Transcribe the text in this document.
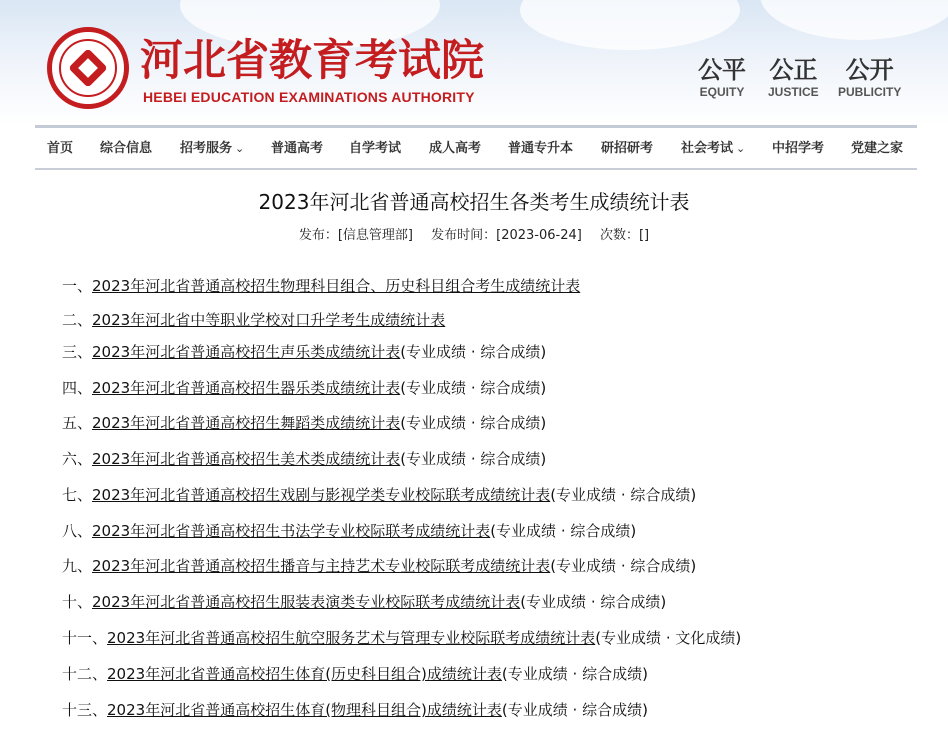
河北省教育考试院
HEBEI EDUCATION EXAMINATIONS AUTHORITY
公平
EQUITY
公正
JUSTICE
公开
PUBLICITY
首页 综合信息 招考服务 ⌄ 普通高考 自学考试 成人高考 普通专升本 研招研考 社会考试 ⌄ 中招学考 党建之家
2023年河北省普通高校招生各类考生成绩统计表
发布：[信息管理部] 发布时间：[2023-06-24] 次数：[]
一、2023年河北省普通高校招生物理科目组合、历史科目组合考生成绩统计表
二、2023年河北省中等职业学校对口升学考生成绩统计表
三、2023年河北省普通高校招生声乐类成绩统计表(专业成绩 · 综合成绩)
四、2023年河北省普通高校招生器乐类成绩统计表(专业成绩 · 综合成绩)
五、2023年河北省普通高校招生舞蹈类成绩统计表(专业成绩 · 综合成绩)
六、2023年河北省普通高校招生美术类成绩统计表(专业成绩 · 综合成绩)
七、2023年河北省普通高校招生戏剧与影视学类专业校际联考成绩统计表(专业成绩 · 综合成绩)
八、2023年河北省普通高校招生书法学专业校际联考成绩统计表(专业成绩 · 综合成绩)
九、2023年河北省普通高校招生播音与主持艺术专业校际联考成绩统计表(专业成绩 · 综合成绩)
十、2023年河北省普通高校招生服装表演类专业校际联考成绩统计表(专业成绩 · 综合成绩)
十一、2023年河北省普通高校招生航空服务艺术与管理专业校际联考成绩统计表(专业成绩 · 文化成绩)
十二、2023年河北省普通高校招生体育(历史科目组合)成绩统计表(专业成绩 · 综合成绩)
十三、2023年河北省普通高校招生体育(物理科目组合)成绩统计表(专业成绩 · 综合成绩)
